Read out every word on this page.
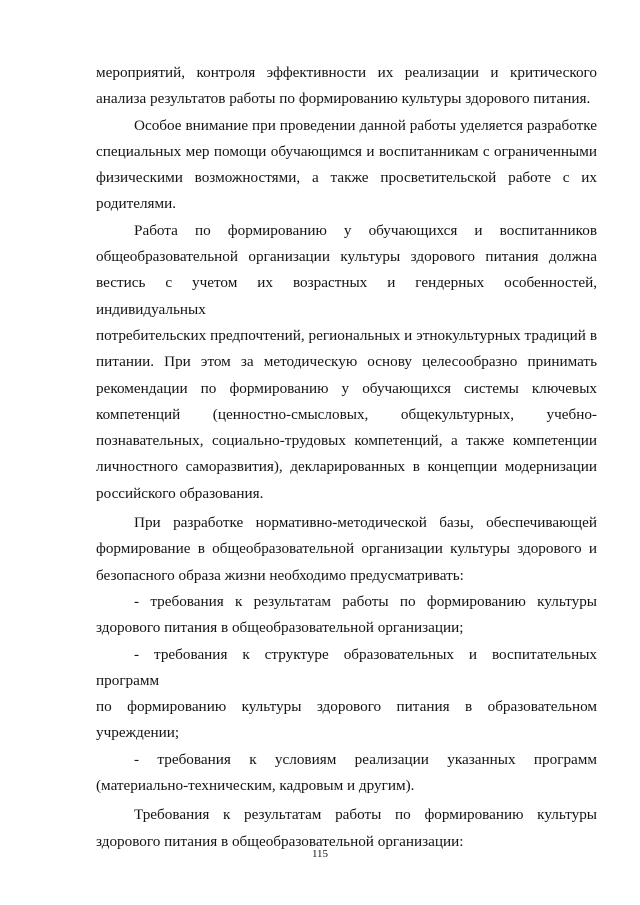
мероприятий, контроля эффективности их реализации и критического

анализа результатов работы по формированию культуры здорового питания.

Особое внимание при проведении данной работы уделяется разработке

специальных мер помощи обучающимся и воспитанникам с ограниченными

физическими возможностями, а также просветительской работе с их

родителями.

Работа по формированию у обучающихся и воспитанников

общеобразовательной организации культуры здорового питания должна

вестись с учетом их возрастных и гендерных особенностей, индивидуальных

потребительских предпочтений, региональных и этнокультурных традиций в

питании. При этом за методическую основу целесообразно принимать

рекомендации по формированию у обучающихся системы ключевых

компетенций (ценностно-смысловых, общекультурных, учебно-

познавательных, социально-трудовых компетенций, а также компетенции

личностного саморазвития), декларированных в концепции модернизации

российского образования.

При разработке нормативно-методической базы, обеспечивающей

формирование в общеобразовательной организации культуры здорового и

безопасного образа жизни необходимо предусматривать:

- требования к результатам работы по формированию культуры

здорового питания в общеобразовательной организации;

- требования к структуре образовательных и воспитательных программ

по формированию культуры здорового питания в образовательном

учреждении;

- требования к условиям реализации указанных программ

(материально-техническим, кадровым и другим).

Требования к результатам работы по формированию культуры

здорового питания в общеобразовательной организации:

115
